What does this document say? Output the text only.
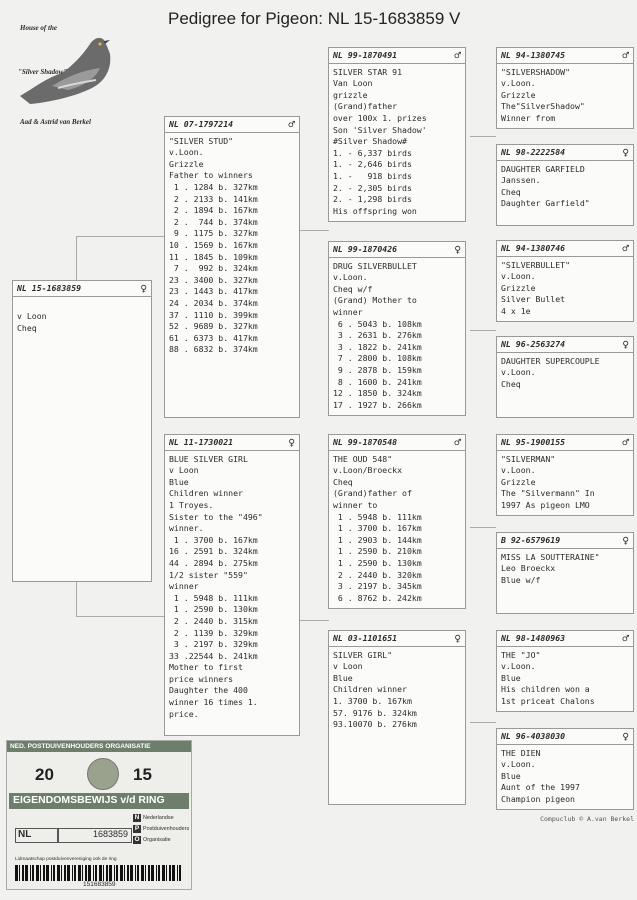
Pedigree for Pigeon: NL 15-1683859 V
House of the
"Silver Shadow"
Aad & Astrid van Berkel
NL 15-1683859	♀

v Loon
Cheq
NL 07-1797214	♂
"SILVER STUD"
v.Loon.
Grizzle
Father to winners
1 . 1284 b. 327km
2 . 2133 b. 141km
2 . 1894 b. 167km
2 .  744 b. 374km
9 . 1175 b. 327km
10 . 1569 b. 167km
11 . 1845 b. 109km
7 .  992 b. 324km
23 . 3400 b. 327km
23 . 1443 b. 417km
24 . 2034 b. 374km
37 . 1110 b. 399km
52 . 9689 b. 327km
61 . 6373 b. 417km
88 . 6832 b. 374km
NL 11-1730021	♀
BLUE SILVER GIRL
v Loon
Blue
Children winner
1 Troyes.
Sister to the "496"
winner.
1 . 3700 b. 167km
16 . 2591 b. 324km
44 . 2894 b. 275km
1/2 sister "559"
winner
1 . 5948 b. 111km
1 . 2590 b. 130km
2 . 2440 b. 315km
2 . 1139 b. 329km
3 . 2197 b. 329km
33 .22544 b. 241km
Mother to first
price winners
Daughter the 400
winner 16 times 1.
price.
NL 99-1870491	♂
SILVER STAR 91
Van Loon
grizzle
(Grand)father
over 100x 1. prizes
Son 'Silver Shadow'
#Silver Shadow#
1. - 6,337 birds
1. - 2,646 birds
1. -   918 birds
2. - 2,305 birds
2. - 1,298 birds
His offspring won
NL 99-1870426	♀
DRUG SILVERBULLET
v.Loon.
Cheq w/f
(Grand) Mother to
winner
6 . 5043 b. 108km
3 . 2631 b. 276km
3 . 1822 b. 241km
7 . 2800 b. 108km
9 . 2878 b. 159km
8 . 1600 b. 241km
12 . 1850 b. 324km
17 . 1927 b. 266km
NL 99-1870548	♂
THE OUD 548"
v.Loon/Broeckx
Cheq
(Grand)father of
winner to
1 . 5948 b. 111km
1 . 3700 b. 167km
1 . 2903 b. 144km
1 . 2590 b. 210km
1 . 2590 b. 130km
2 . 2440 b. 320km
3 . 2197 b. 345km
6 . 8762 b. 242km
NL 03-1101651	♀
SILVER GIRL"
v Loon
Blue
Children winner
1. 3700 b. 167km
57. 9176 b. 324km
93.10070 b. 276km
NL 94-1380745	♂
"SILVERSHADOW"
v.Loon.
Grizzle
The"SilverShadow"
Winner from
NL 98-2222584	♀
DAUGHTER GARFIELD
Janssen.
Cheq
Daughter Garfield"
NL 94-1380746	♂
"SILVERBULLET"
v.Loon.
Grizzle
Silver Bullet
4 x 1e
NL 96-2563274	♀
DAUGHTER SUPERCOUPLE
v.Loon.
Cheq
NL 95-1900155	♂
"SILVERMAN"
v.Loon.
Grizzle
The "Silvermann" In
1997 As pigeon LMO
B 92-6579619	♀
MISS LA SOUTTERAINE"
Leo Broeckx
Blue w/f
NL 98-1480963	♂
THE "JO"
v.Loon.
Blue
His children won a
1st priceat Chalons
NL 96-4038030	♀
THE DIEN
v.Loon.
Blue
Aunt of the 1997
Champion pigeon
Compuclub © A.van Berkel
NED. POSTDUIVENHOUDERS ORGANISATIE
20	15
EIGENDOMSBEWIJS v/d RING
N Nederlandse
P Postduivenhouders
O Organisatie
NL	1683859
Lidmaatschap postduivenvereniging ook de ring
151683859
